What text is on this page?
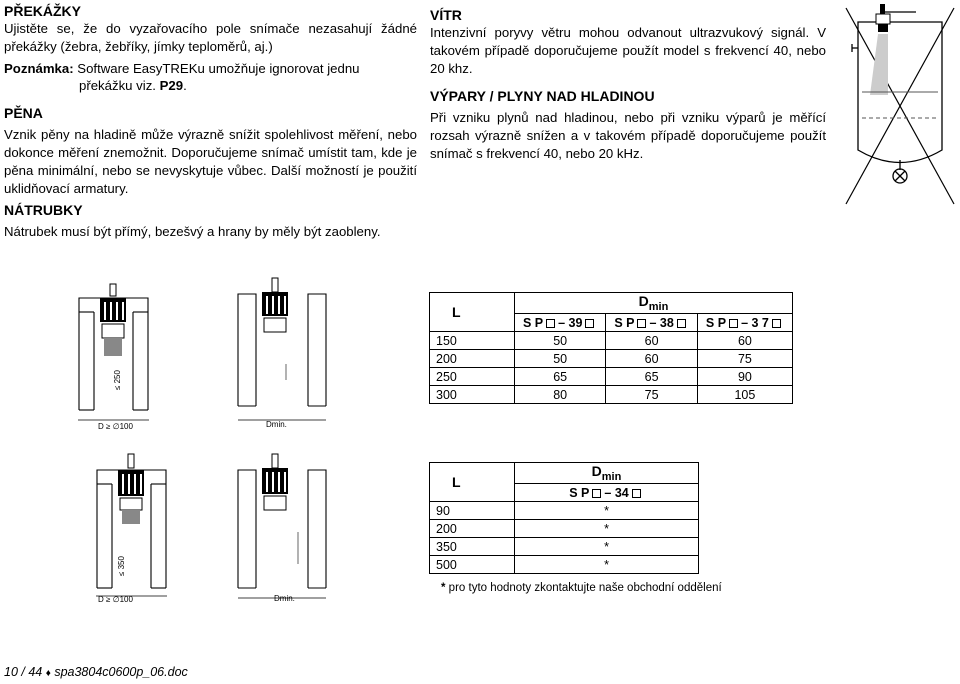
PŘEKÁŽKY

Ujistěte se, že do vyzařovacího pole snímače nezasahují žádné překážky (žebra, žebříky, jímky teploměrů, aj.)

Poznámka: Software EasyTREKu umožňuje ignorovat jednu

překážku viz. P29.

PĚNA

Vznik pěny na hladině může výrazně snížit spolehlivost měření, nebo dokonce měření znemožnit. Doporučujeme snímač umístit tam, kde je pěna minimální, nebo se nevyskytuje vůbec. Další možností je použití uklidňovací armatury.

NÁTRUBKY

Nátrubek musí být přímý, bezešvý a hrany by měly být zaobleny.

VÍTR

Intenzivní poryvy větru mohou odvanout ultrazvukový signál. V takovém případě doporučujeme použít model s frekvencí 40, nebo 20 khz.

VÝPARY / PLYNY NAD HLADINOU

Při vzniku plynů nad hladinou, nebo při vzniku výparů je měřící rozsah výrazně snížen a v takovém případě doporučujeme použít snímač s frekvencí 40, nebo 20 kHz.

≤ 250
D ≥ ∅100	Dmin.
≤ 350
D ≥ ∅100	Dmin.
L	$D_{min}$
	S P – 39	S P – 38	S P – 3 7
150	50	60	60
200	50	60	75
250	65	65	90
300	80	75	105
L	$D_{min}$
	S P – 34
90	*
200	*
350	*
500	*
* pro tyto hodnoty zkontaktujte naše obchodní oddělení
10 / 44 ♦ spa3804c0600p_06.doc
